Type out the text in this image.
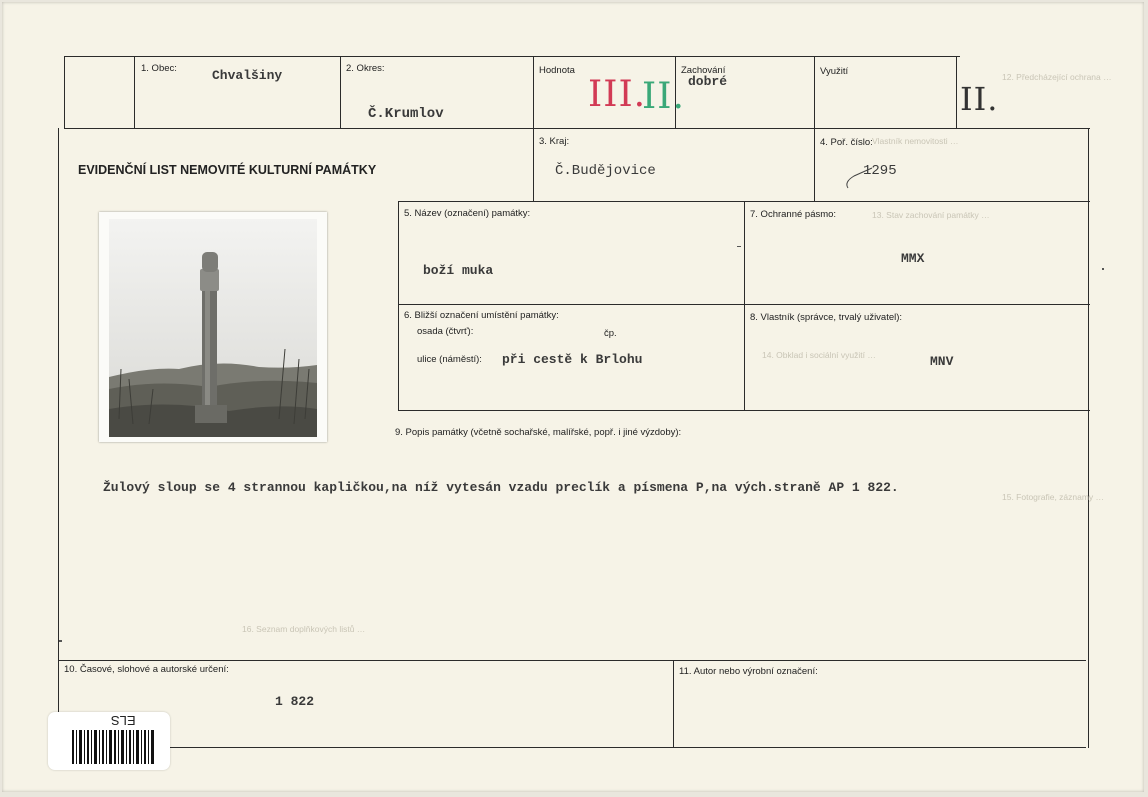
12. Předcházející ochrana …
Vlastník nemovitosti …
13. Stav zachování památky …
14. Obklad i sociální využití …
15. Fotografie, záznamy …
16. Seznam doplňkových listů …
1. Obec:	Chvalšiny	2. Okres:
Č.Krumlov
Hodnota
III.
II.
Zachování
dobré
Využití
II.
EVIDENČNÍ LIST NEMOVITÉ KULTURNÍ PAMÁTKY
3. Kraj:
Č.Budějovice
4. Poř. číslo:
1295
5. Název (označení) památky:
boží muka
7. Ochranné pásmo:
MMX
6. Bližší označení umístění památky:
osada (čtvrť):	čp.
ulice (náměstí): při cestě k Brlohu
8. Vlastník (správce, trvalý uživatel):
MNV
9. Popis památky (včetně sochařské, malířské, popř. i jiné výzdoby):
Žulový sloup se 4 strannou kapličkou,na níž vytesán vzadu preclík a písmena P,na vých.straně AP 1 822.
10. Časové, slohové a autorské určení:
1 822
11. Autor nebo výrobní označení:
ELS
